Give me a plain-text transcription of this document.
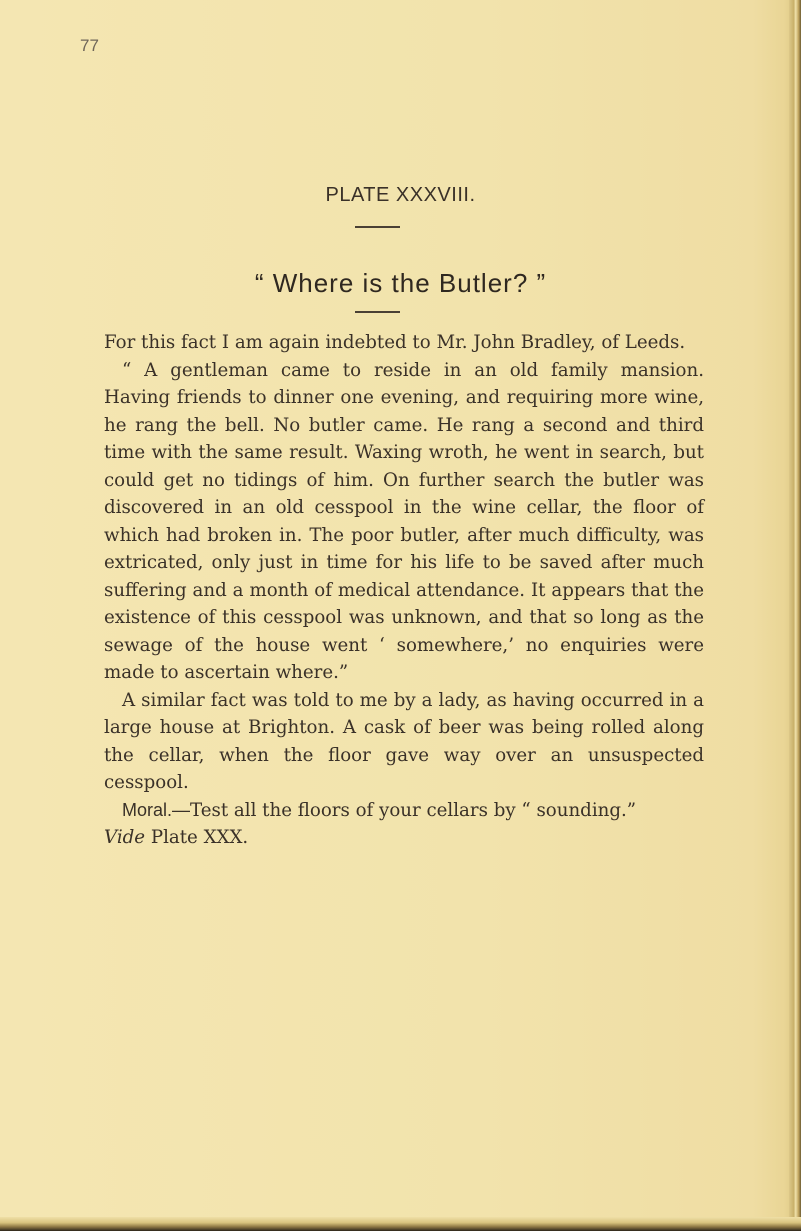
77
PLATE XXXVIII.
“ Where is the Butler? ”

For this fact I am again indebted to Mr. John Bradley, of Leeds.

“ A gentleman came to reside in an old family mansion. Having friends to dinner one evening, and requiring more wine, he rang the bell. No butler came. He rang a second and third time with the same result. Waxing wroth, he went in search, but could get no tidings of him. On further search the butler was discovered in an old cesspool in the wine cellar, the floor of which had broken in. The poor butler, after much difficulty, was extricated, only just in time for his life to be saved after much suffering and a month of medical attendance. It appears that the existence of this cesspool was unknown, and that so long as the sewage of the house went ‘ somewhere,’ no enquiries were made to ascertain where.”

A similar fact was told to me by a lady, as having occurred in a large house at Brighton. A cask of beer was being rolled along the cellar, when the floor gave way over an unsuspected cesspool.

Moral.—Test all the floors of your cellars by “ sounding.”

Vide Plate XXX.
